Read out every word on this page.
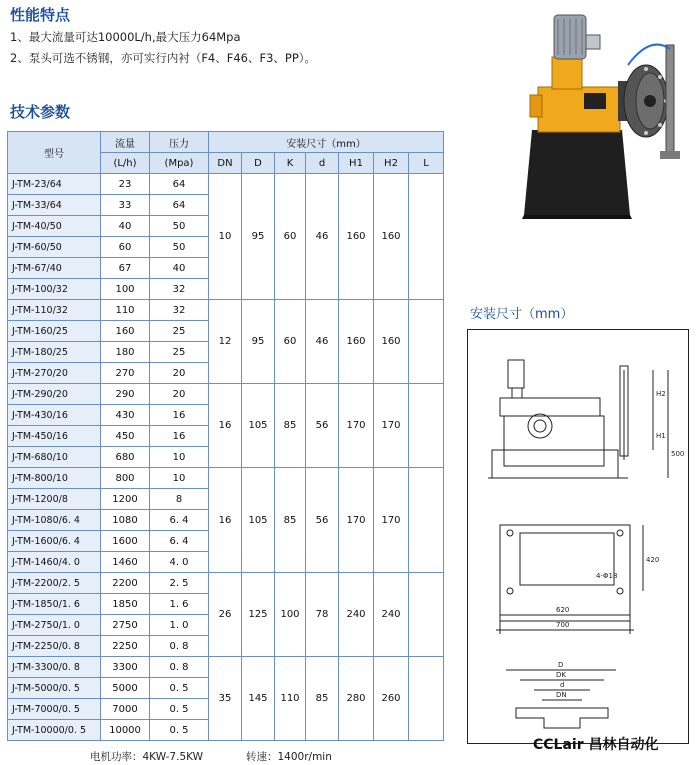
性能特点
1、最大流量可达10000L/h,最大压力64Mpa
2、泵头可选不锈钢，亦可实行内衬（F4、F46、F3、PP）。
技术参数
型号	流量	压力	安装尺寸（mm）						
	(L/h)	(Mpa)	DN	D	K	d	H1	H2	L
J-TM-23/64	23	64	10	95	60	46	160	160	
J-TM-33/64	33	64							
J-TM-40/50	40	50							
J-TM-60/50	60	50							
J-TM-67/40	67	40							
J-TM-100/32	100	32							
J-TM-110/32	110	32	12	95	60	46	160	160	
J-TM-160/25	160	25							
J-TM-180/25	180	25							
J-TM-270/20	270	20							
J-TM-290/20	290	20	16	105	85	56	170	170	
J-TM-430/16	430	16							
J-TM-450/16	450	16							
J-TM-680/10	680	10							
J-TM-800/10	800	10	16	105	85	56	170	170	
J-TM-1200/8	1200	8							
J-TM-1080/6. 4	1080	6. 4							
J-TM-1600/6. 4	1600	6. 4							
J-TM-1460/4. 0	1460	4. 0							
J-TM-2200/2. 5	2200	2. 5	26	125	100	78	240	240	
J-TM-1850/1. 6	1850	1. 6							
J-TM-2750/1. 0	2750	1. 0							
J-TM-2250/0. 8	2250	0. 8							
J-TM-3300/0. 8	3300	0. 8	35	145	110	85	280	260	
J-TM-5000/0. 5	5000	0. 5							
J-TM-7000/0. 5	7000	0. 5							
J-TM-10000/0. 5	10000	0. 5							
电机功率：4KW-7.5KW	转速：1400r/min
安装尺寸（mm）
H2
H1
500
420
620
700
4-Φ18
D
DK
d
DN
CCLair 昌林自动化
